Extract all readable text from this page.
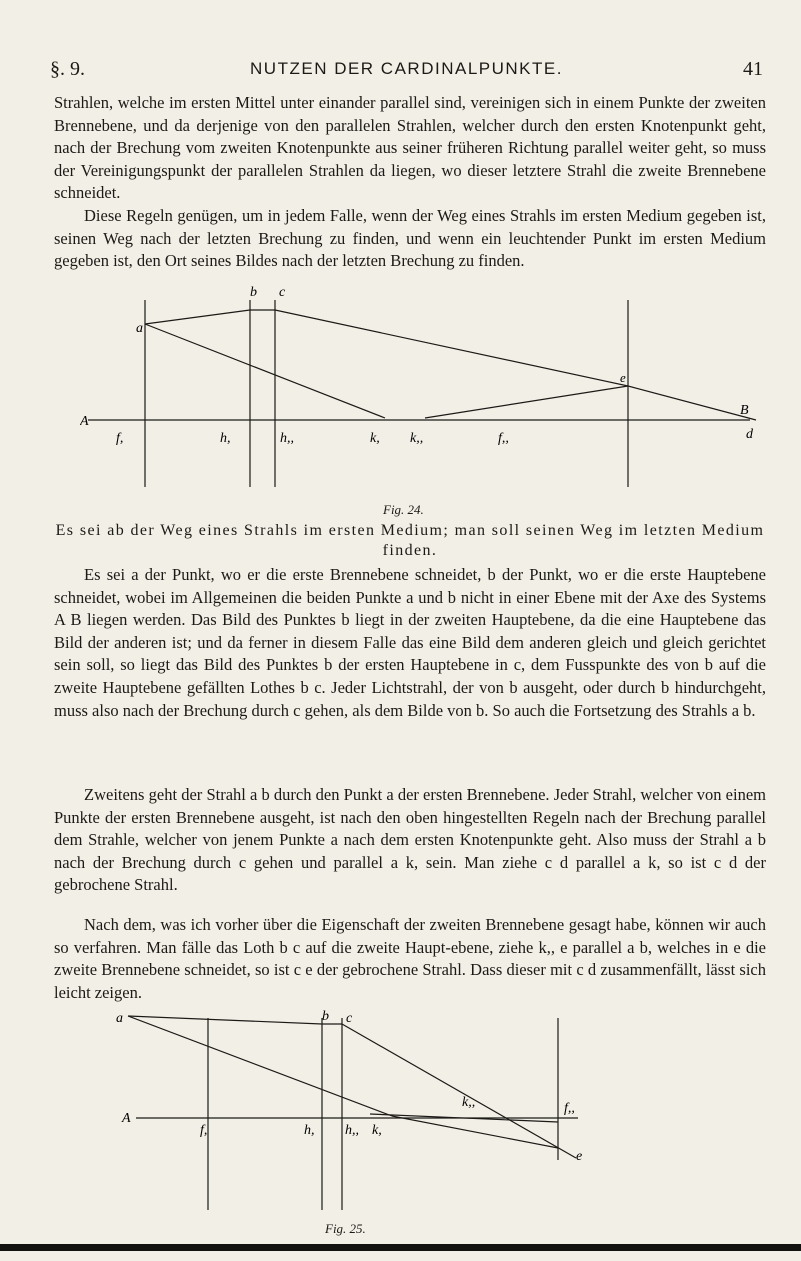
§. 9.	NUTZEN DER CARDINALPUNKTE.	41

Strahlen, welche im ersten Mittel unter einander parallel sind, vereinigen sich in einem Punkte der zweiten Brennebene, und da derjenige von den parallelen Strahlen, welcher durch den ersten Knotenpunkt geht, nach der Brechung vom zweiten Knotenpunkte aus seiner früheren Richtung parallel weiter geht, so muss der Vereinigungspunkt der parallelen Strahlen da liegen, wo dieser letztere Strahl die zweite Brennebene schneidet.

Diese Regeln genügen, um in jedem Falle, wenn der Weg eines Strahls im ersten Medium gegeben ist, seinen Weg nach der letzten Brechung zu finden, und wenn ein leuchtender Punkt im ersten Medium gegeben ist, den Ort seines Bildes nach der letzten Brechung zu finden.

b c
a
A
e
B
d
f,	h,	h,,	k, k,,	f,,
Fig. 24.
Es sei ab der Weg eines Strahls im ersten Medium; man soll seinen Weg im letzten Medium finden.

Es sei a der Punkt, wo er die erste Brennebene schneidet, b der Punkt, wo er die erste Hauptebene schneidet, wobei im Allgemeinen die beiden Punkte a und b nicht in einer Ebene mit der Axe des Systems A B liegen werden. Das Bild des Punktes b liegt in der zweiten Hauptebene, da die eine Hauptebene das Bild der anderen ist; und da ferner in diesem Falle das eine Bild dem anderen gleich und gleich gerichtet sein soll, so liegt das Bild des Punktes b der ersten Hauptebene in c, dem Fusspunkte des von b auf die zweite Hauptebene gefällten Lothes b c. Jeder Lichtstrahl, der von b ausgeht, oder durch b hindurchgeht, muss also nach der Brechung durch c gehen, als dem Bilde von b. So auch die Fortsetzung des Strahls a b.

Zweitens geht der Strahl a b durch den Punkt a der ersten Brennebene. Jeder Strahl, welcher von einem Punkte der ersten Brennebene ausgeht, ist nach den oben hingestellten Regeln nach der Brechung parallel dem Strahle, welcher von jenem Punkte a nach dem ersten Knotenpunkte geht. Also muss der Strahl a b nach der Brechung durch c gehen und parallel a k, sein. Man ziehe c d parallel a k, so ist c d der gebrochene Strahl.

Nach dem, was ich vorher über die Eigenschaft der zweiten Brennebene gesagt habe, können wir auch so verfahren. Man fälle das Loth b c auf die zweite Haupt-ebene, ziehe k,, e parallel a b, welches in e die zweite Brennebene schneidet, so ist c e der gebrochene Strahl. Dass dieser mit c d zusammenfällt, lässt sich leicht zeigen.

a	b c
A
k,,	f,,
e
f,	h, h,, k,
Fig. 25.
